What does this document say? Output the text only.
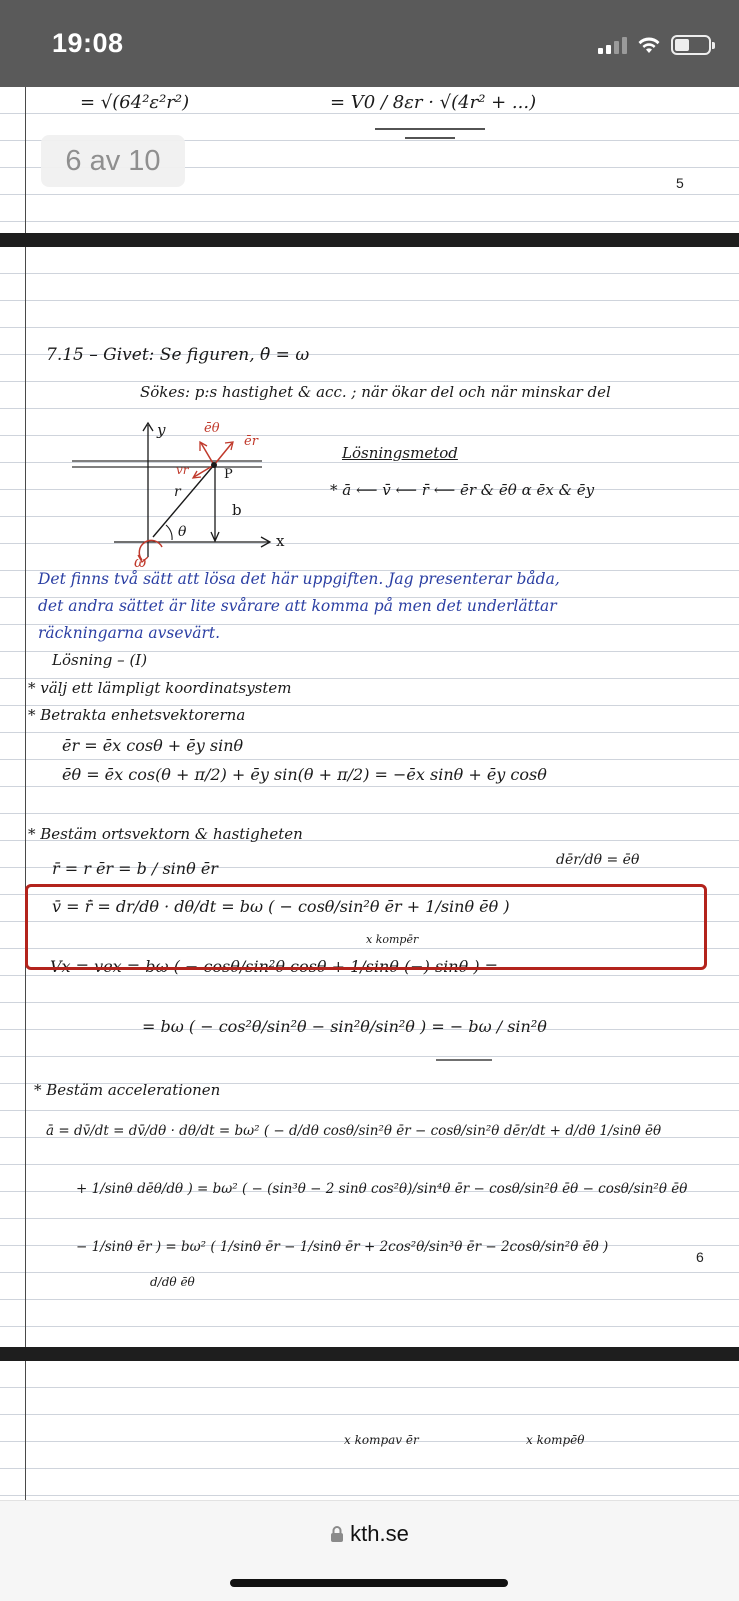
19:08
= √(64²ε²r²)	= V0 / 8εr · √(4r² + ...)
6 av 10
5
7.15 – Givet: Se figuren, θ̇ = ω
Sökes: p:s hastighet & acc. ; när ökar del och när minskar del
y
x
P
r
b
θ
ω
ēθ
ēr
vr
Lösningsmetod
* ā ⟵ v̄ ⟵ r̄ ⟵ ēr & ēθ α ēx & ēy
Det finns två sätt att lösa det här uppgiften. Jag presenterar båda,
det andra sättet är lite svårare att komma på men det underlättar
räckningarna avsevärt.
Lösning – (I)
* välj ett lämpligt koordinatsystem
* Betrakta enhetsvektorerna
ēr = ēx cosθ + ēy sinθ
ēθ = ēx cos(θ + π/2) + ēy sin(θ + π/2) = −ēx sinθ + ēy cosθ
* Bestäm ortsvektorn & hastigheten
r̄ = r ēr = b / sinθ ēr	dēr/dθ = ēθ
v̄ = r̄̇ = dr/dθ · dθ/dt = bω ( − cosθ/sin²θ ēr + 1/sinθ ēθ )
x kompēr
Vx = vex = bω ( − cosθ/sin²θ cosθ + 1/sinθ (−) sinθ ) =
= bω ( − cos²θ/sin²θ − sin²θ/sin²θ ) = − bω / sin²θ
* Bestäm accelerationen
ā = dv̄/dt = dv̄/dθ · dθ/dt = bω² ( − d/dθ cosθ/sin²θ ēr − cosθ/sin²θ dēr/dt + d/dθ 1/sinθ ēθ
+ 1/sinθ dēθ/dθ ) = bω² ( − (sin³θ − 2 sinθ cos²θ)/sin⁴θ ēr − cosθ/sin²θ ēθ − cosθ/sin²θ ēθ
− 1/sinθ ēr ) = bω² ( 1/sinθ ēr − 1/sinθ ēr + 2cos²θ/sin³θ ēr − 2cosθ/sin²θ ēθ )
d/dθ ēθ
6
x kompav ēr	x kompēθ
kth.se
